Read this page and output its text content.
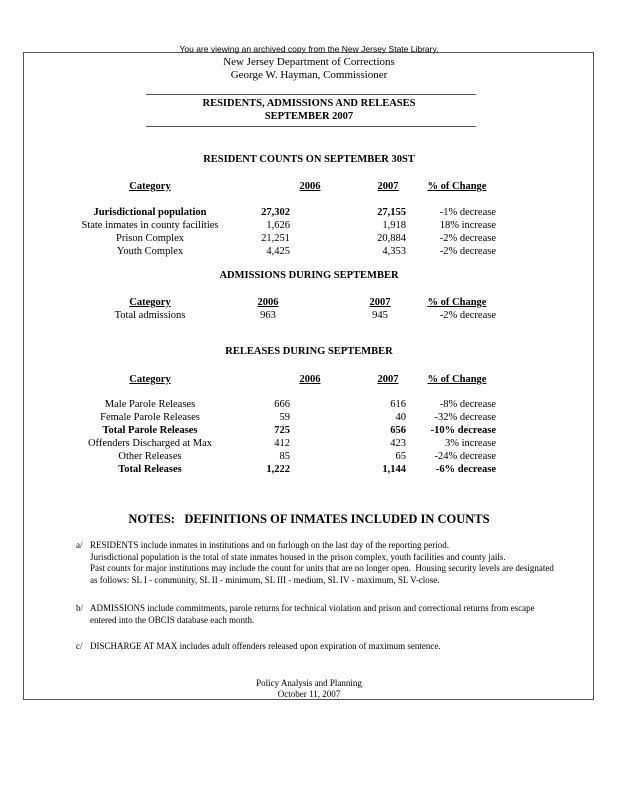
You are viewing an archived copy from the New Jersey State Library.
New Jersey Department of Corrections
George W. Hayman, Commissioner
RESIDENTS, ADMISSIONS AND RELEASES
SEPTEMBER 2007
RESIDENT COUNTS ON SEPTEMBER 30ST
Category	2006	2007	% of Change
Jurisdictional population	27,302	27,155	-1% decrease
State inmates in county facilities	1,626	1,918	18% increase
Prison Complex	21,251	20,884	-2% decrease
Youth Complex	4,425	4,353	-2% decrease
ADMISSIONS DURING SEPTEMBER
Category	2006	2007	% of Change
Total admissions	963	945	-2% decrease
RELEASES DURING SEPTEMBER
Category	2006	2007	% of Change
Male Parole Releases	666	616	-8% decrease
Female Parole Releases	59	40	-32% decrease
Total Parole Releases	725	656	-10% decrease
Offenders Discharged at Max	412	423	3% increase
Other Releases	85	65	-24% decrease
Total Releases	1,222	1,144	-6% decrease
NOTES:   DEFINITIONS OF INMATES INCLUDED IN COUNTS
a/ RESIDENTS include inmates in institutions and on furlough on the last day of the reporting period.
Jurisdictional population is the total of state inmates housed in the prison complex, youth facilities and county jails.
Past counts for major institutions may include the count for units that are no longer open.  Housing security levels are designated
as follows: SL I - community, SL II - minimum, SL III - medium, SL IV - maximum, SL V-close.
b/ ADMISSIONS include commitments, parole returns for technical violation and prison and correctional returns from escape
entered into the OBCIS database each month.
c/ DISCHARGE AT MAX includes adult offenders released upon expiration of maximum sentence.
Policy Analysis and Planning
October 11, 2007
